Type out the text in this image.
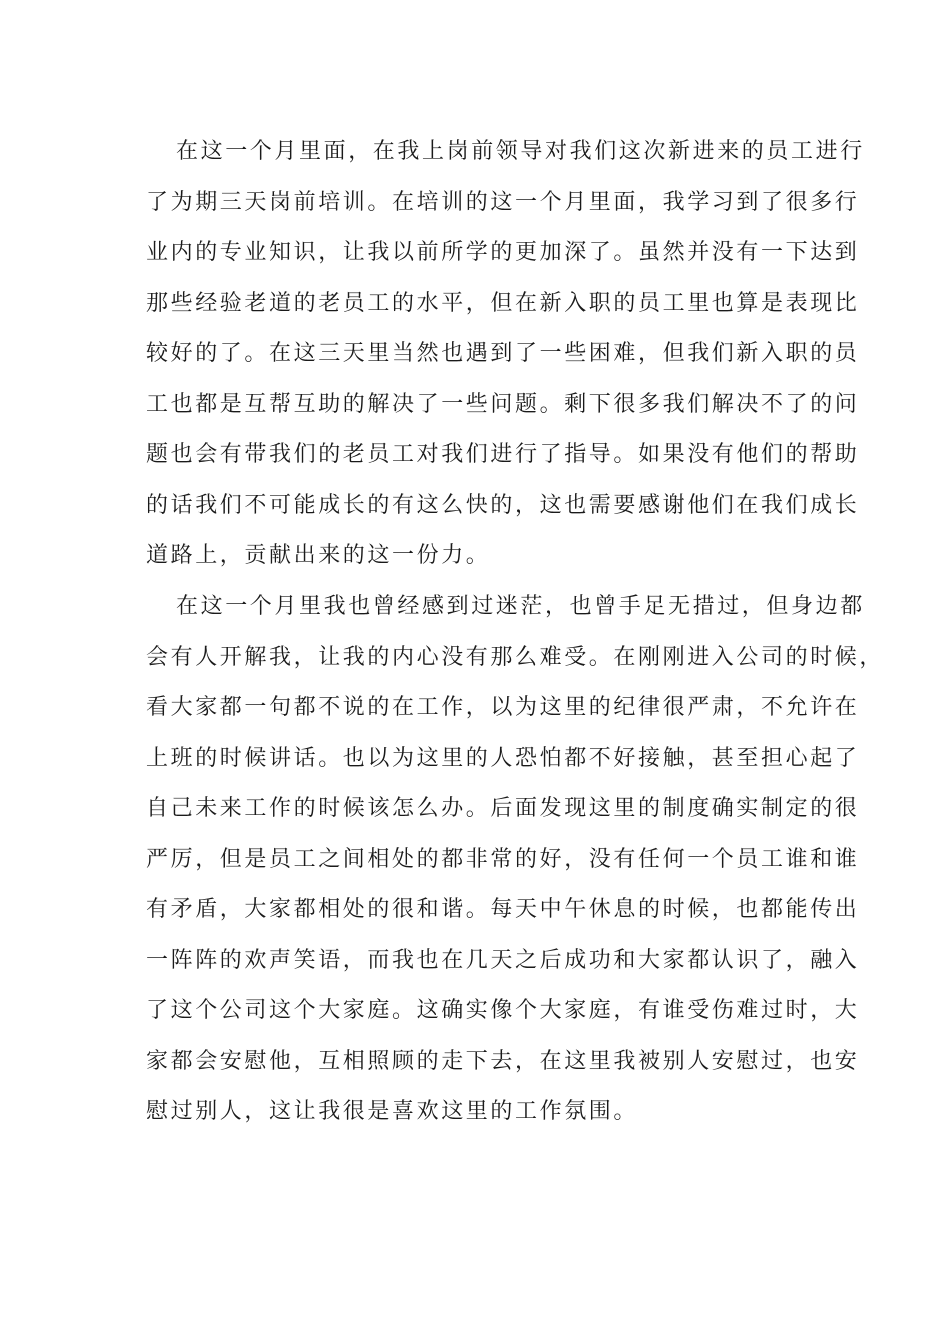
在这一个月里面，在我上岗前领导对我们这次新进来的员工进行
了为期三天岗前培训。在培训的这一个月里面，我学习到了很多行
业内的专业知识，让我以前所学的更加深了。虽然并没有一下达到
那些经验老道的老员工的水平，但在新入职的员工里也算是表现比
较好的了。在这三天里当然也遇到了一些困难，但我们新入职的员
工也都是互帮互助的解决了一些问题。剩下很多我们解决不了的问
题也会有带我们的老员工对我们进行了指导。如果没有他们的帮助
的话我们不可能成长的有这么快的，这也需要感谢他们在我们成长
道路上，贡献出来的这一份力。
在这一个月里我也曾经感到过迷茫，也曾手足无措过，但身边都
会有人开解我，让我的内心没有那么难受。在刚刚进入公司的时候，
看大家都一句都不说的在工作，以为这里的纪律很严肃，不允许在
上班的时候讲话。也以为这里的人恐怕都不好接触，甚至担心起了
自己未来工作的时候该怎么办。后面发现这里的制度确实制定的很
严厉，但是员工之间相处的都非常的好，没有任何一个员工谁和谁
有矛盾，大家都相处的很和谐。每天中午休息的时候，也都能传出
一阵阵的欢声笑语，而我也在几天之后成功和大家都认识了，融入
了这个公司这个大家庭。这确实像个大家庭，有谁受伤难过时，大
家都会安慰他，互相照顾的走下去，在这里我被别人安慰过，也安
慰过别人，这让我很是喜欢这里的工作氛围。
